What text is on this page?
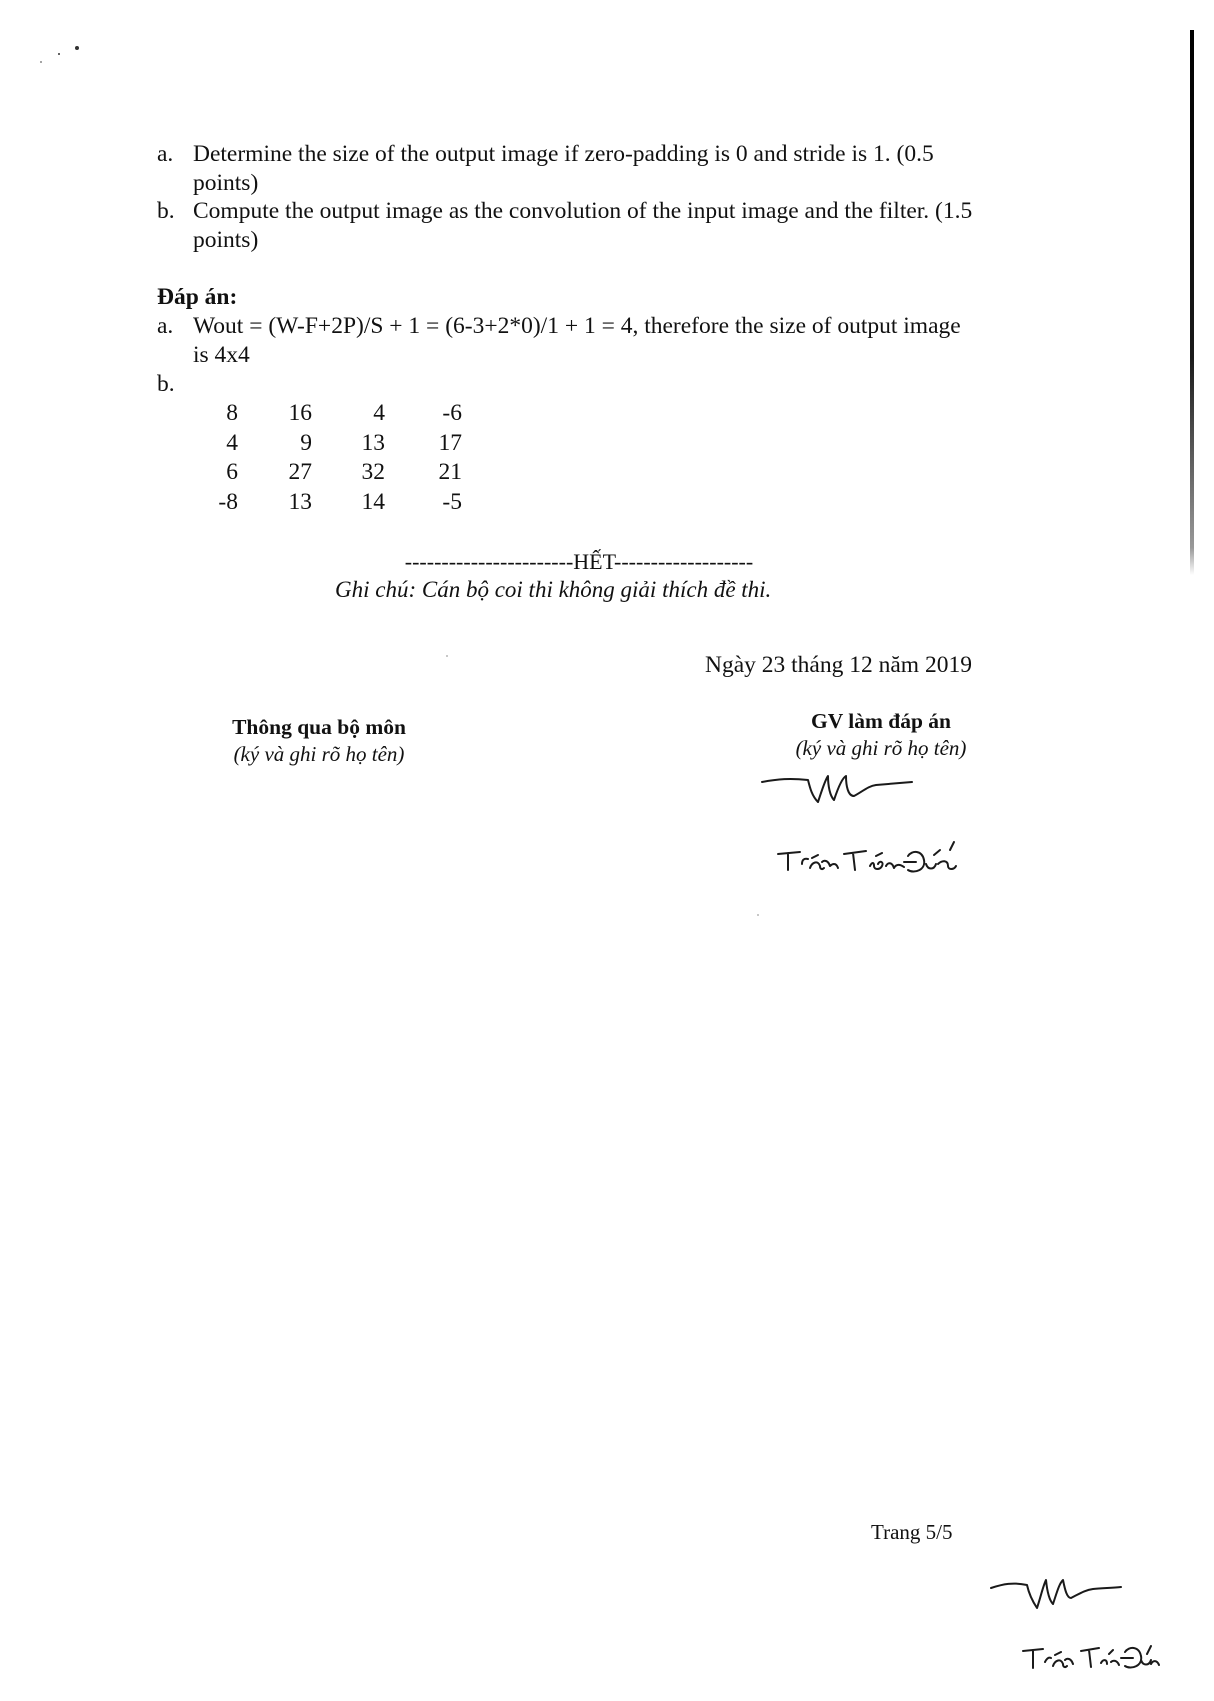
a. Determine the size of the output image if zero-padding is 0 and stride is 1. (0.5
points)
b. Compute the output image as the convolution of the input image and the filter. (1.5
points)
Đáp án:
a. Wout = (W-F+2P)/S + 1 = (6-3+2*0)/1 + 1 = 4, therefore the size of output image
is 4x4
b.
8	16	4	-6
4	9	13	17
6	27	32	21
-8	13	14	-5
-----------------------HẾT-------------------
Ghi chú: Cán bộ coi thi không giải thích đề thi.
Ngày 23 tháng 12 năm 2019
Thông qua bộ môn
(ký và ghi rõ họ tên)
GV làm đáp án
(ký và ghi rõ họ tên)
Trang 5/5
